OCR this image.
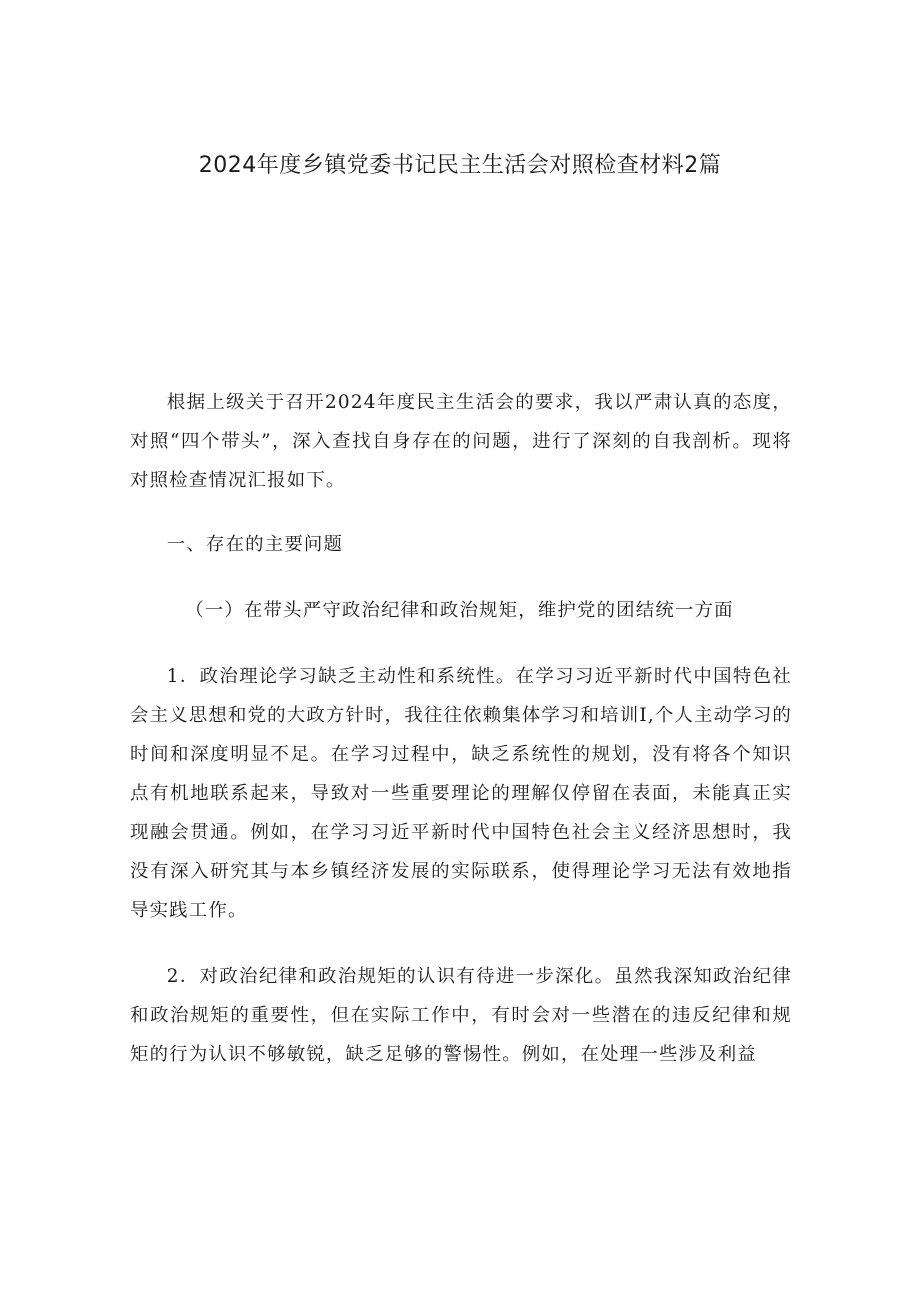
2024年度乡镇党委书记民主生活会对照检查材料2篇

根据上级关于召开2024年度民主生活会的要求，我以严肃认真的态度，对照“四个带头”，深入查找自身存在的问题，进行了深刻的自我剖析。现将对照检查情况汇报如下。

一、存在的主要问题

（一）在带头严守政治纪律和政治规矩，维护党的团结统一方面

1．政治理论学习缺乏主动性和系统性。在学习习近平新时代中国特色社会主义思想和党的大政方针时，我往往依赖集体学习和培训I,个人主动学习的时间和深度明显不足。在学习过程中，缺乏系统性的规划，没有将各个知识点有机地联系起来，导致对一些重要理论的理解仅停留在表面，未能真正实现融会贯通。例如，在学习习近平新时代中国特色社会主义经济思想时，我没有深入研究其与本乡镇经济发展的实际联系，使得理论学习无法有效地指导实践工作。

2．对政治纪律和政治规矩的认识有待进一步深化。虽然我深知政治纪律和政治规矩的重要性，但在实际工作中，有时会对一些潜在的违反纪律和规矩的行为认识不够敏锐，缺乏足够的警惕性。例如，在处理一些涉及利益
